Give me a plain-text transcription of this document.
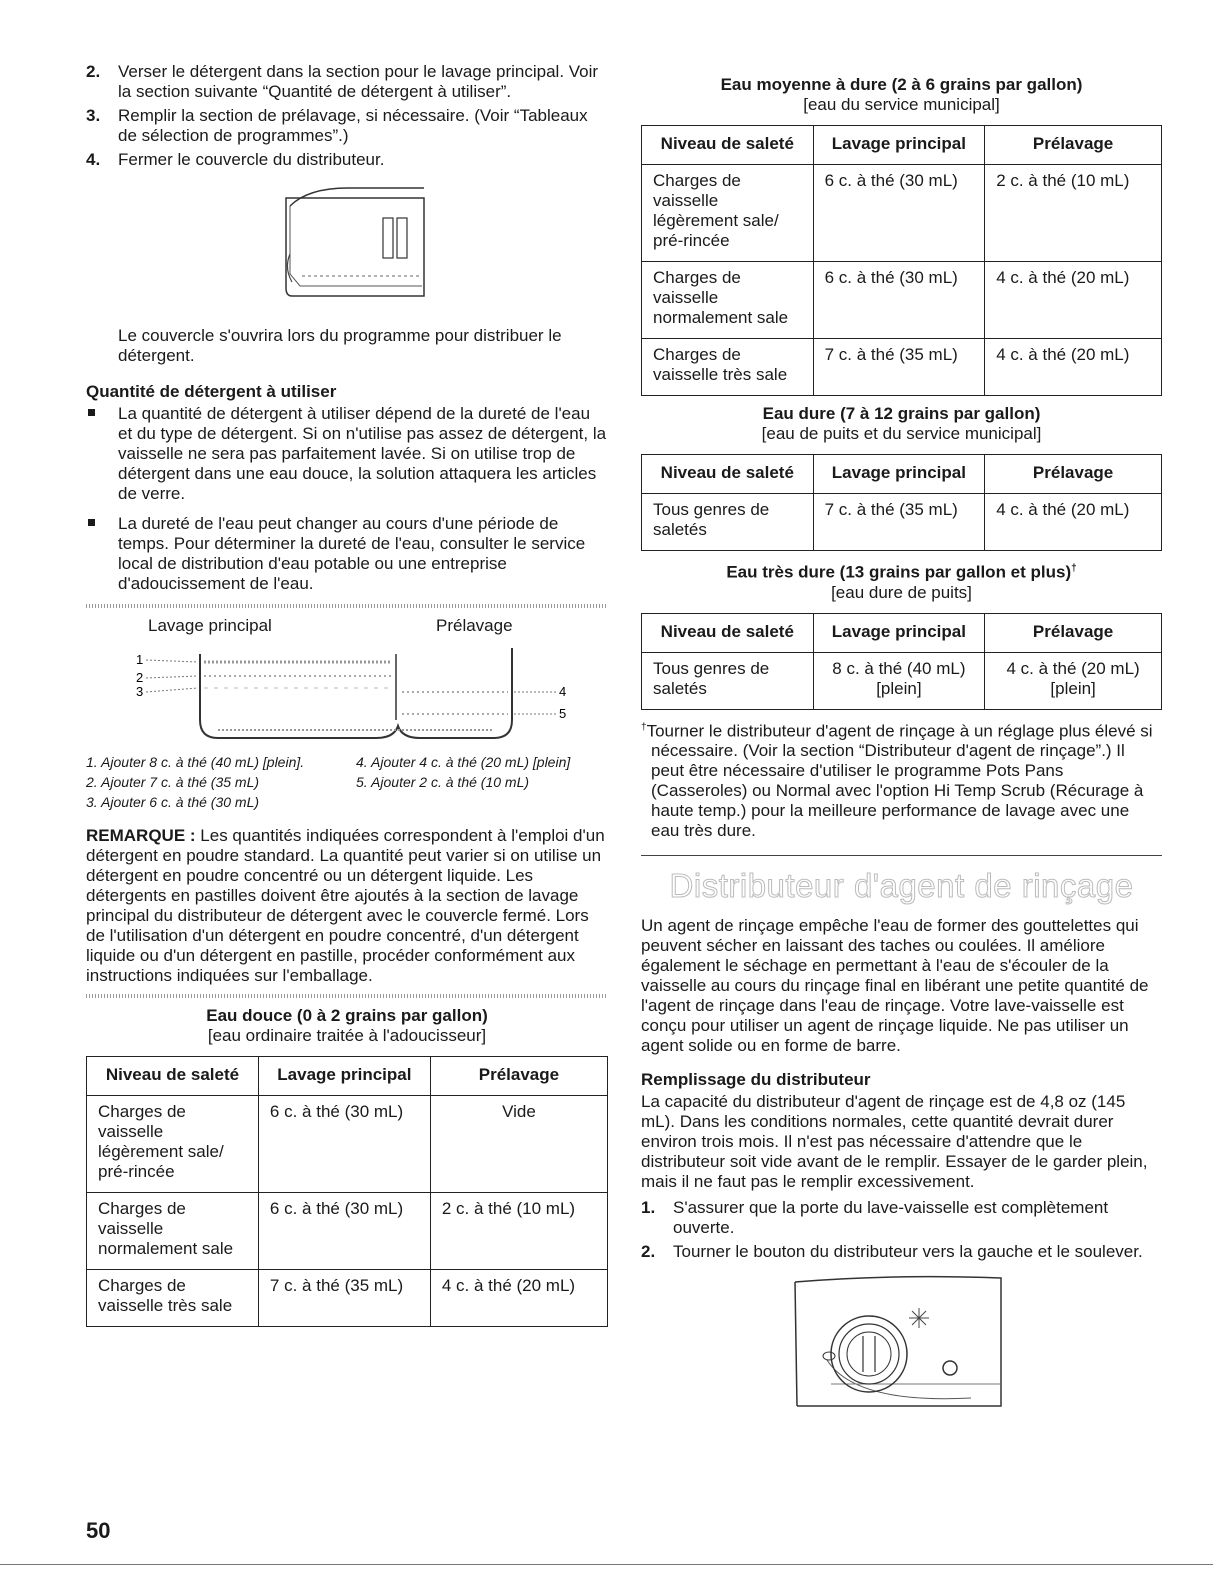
2. Verser le détergent dans la section pour le lavage principal. Voir la section suivante “Quantité de détergent à utiliser”.
3. Remplir la section de prélavage, si nécessaire. (Voir “Tableaux de sélection de programmes”.)
4. Fermer le couvercle du distributeur.

Le couvercle s'ouvrira lors du programme pour distribuer le détergent.

Quantité de détergent à utiliser
La quantité de détergent à utiliser dépend de la dureté de l'eau et du type de détergent. Si on n'utilise pas assez de détergent, la vaisselle ne sera pas parfaitement lavée. Si on utilise trop de détergent dans une eau douce, la solution attaquera les articles de verre.
La dureté de l'eau peut changer au cours d'une période de temps. Pour déterminer la dureté de l'eau, consulter le service local de distribution d'eau potable ou une entreprise d'adoucissement de l'eau.
Lavage principal	Prélavage
1
2
3	4
5
1. Ajouter 8 c. à thé (40 mL) [plein].	4. Ajouter 4 c. à thé (20 mL) [plein]
2. Ajouter 7 c. à thé (35 mL)	5. Ajouter 2 c. à thé (10 mL)
3. Ajouter 6 c. à thé (30 mL)

REMARQUE : Les quantités indiquées correspondent à l'emploi d'un détergent en poudre standard. La quantité peut varier si on utilise un détergent en poudre concentré ou un détergent liquide. Les détergents en pastilles doivent être ajoutés à la section de lavage principal du distributeur de détergent avec le couvercle fermé. Lors de l'utilisation d'un détergent en poudre concentré, d'un détergent liquide ou d'un détergent en pastille, procéder conformément aux instructions indiquées sur l'emballage.

Eau douce (0 à 2 grains par gallon)

[eau ordinaire traitée à l'adoucisseur]

Niveau de saleté	Lavage principal	Prélavage
Charges de vaisselle légèrement sale/ pré-rincée	6 c. à thé (30 mL)	Vide
Charges de vaisselle normalement sale	6 c. à thé (30 mL)	2 c. à thé (10 mL)
Charges de vaisselle très sale	7 c. à thé (35 mL)	4 c. à thé (20 mL)

Eau moyenne à dure (2 à 6 grains par gallon)

[eau du service municipal]

Niveau de saleté	Lavage principal	Prélavage
Charges de vaisselle légèrement sale/ pré-rincée	6 c. à thé (30 mL)	2 c. à thé (10 mL)
Charges de vaisselle normalement sale	6 c. à thé (30 mL)	4 c. à thé (20 mL)
Charges de vaisselle très sale	7 c. à thé (35 mL)	4 c. à thé (20 mL)

Eau dure (7 à 12 grains par gallon)

[eau de puits et du service municipal]

Niveau de saleté	Lavage principal	Prélavage
Tous genres de saletés	7 c. à thé (35 mL)	4 c. à thé (20 mL)

Eau très dure (13 grains par gallon et plus)†

[eau dure de puits]

Niveau de saleté	Lavage principal	Prélavage
Tous genres de saletés	8 c. à thé (40 mL) [plein]	4 c. à thé (20 mL) [plein]

†Tourner le distributeur d'agent de rinçage à un réglage plus élevé si nécessaire. (Voir la section “Distributeur d'agent de rinçage”.) Il peut être nécessaire d'utiliser le programme Pots Pans (Casseroles) ou Normal avec l'option Hi Temp Scrub (Récurage à haute temp.) pour la meilleure performance de lavage avec une eau très dure.

Distributeur d'agent de rinçage

Un agent de rinçage empêche l'eau de former des gouttelettes qui peuvent sécher en laissant des taches ou coulées. Il améliore également le séchage en permettant à l'eau de s'écouler de la vaisselle au cours du rinçage final en libérant une petite quantité de l'agent de rinçage dans l'eau de rinçage. Votre lave-vaisselle est conçu pour utiliser un agent de rinçage liquide. Ne pas utiliser un agent solide ou en forme de barre.

Remplissage du distributeur

La capacité du distributeur d'agent de rinçage est de 4,8 oz (145 mL). Dans les conditions normales, cette quantité devrait durer environ trois mois. Il n'est pas nécessaire d'attendre que le distributeur soit vide avant de le remplir. Essayer de le garder plein, mais il ne faut pas le remplir excessivement.

1. S'assurer que la porte du lave-vaisselle est complètement ouverte.
2. Tourner le bouton du distributeur vers la gauche et le soulever.
50
